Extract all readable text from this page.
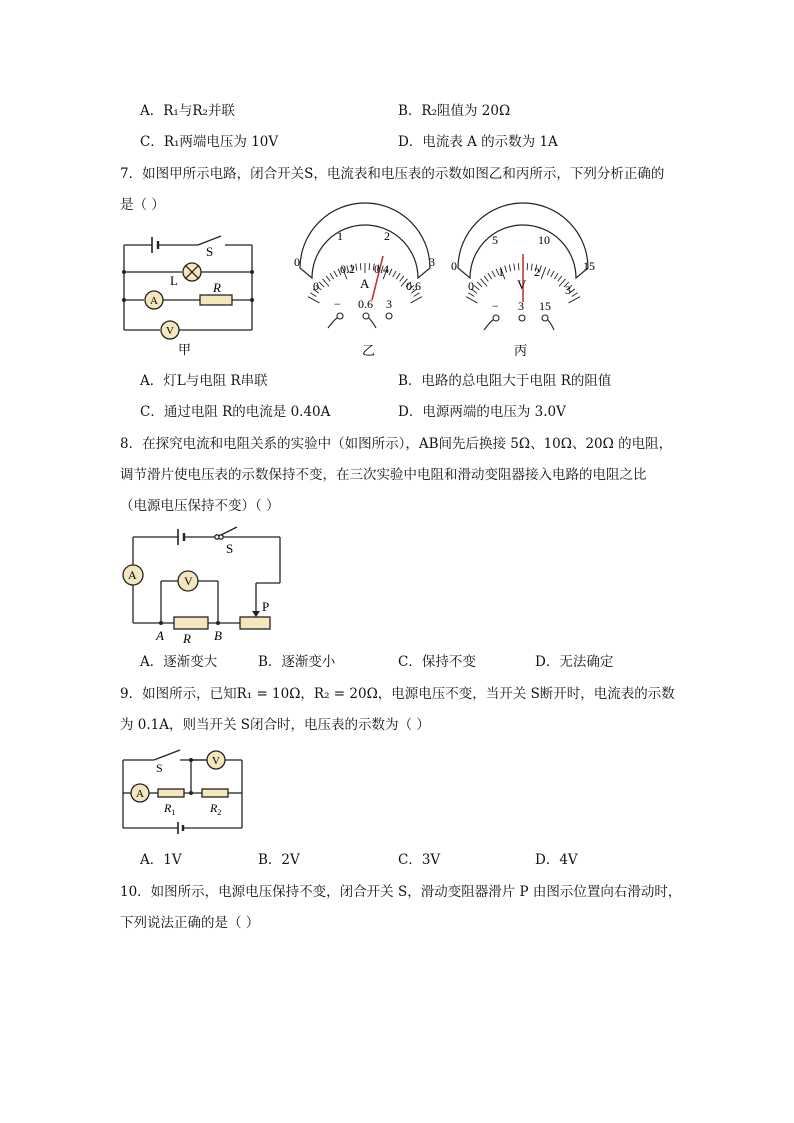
A．R₁与R₂并联	B．R₂阻值为 20Ω
C．R₁两端电压为 10V	D．电流表 A 的示数为 1A
7．如图甲所示电路，闭合开关S，电流表和电压表的示数如图乙和丙所示，下列分析正确的
是（ ）
S
L	R
A
V
甲
0
1	2
3
0
0.2 0.4
0.6
A
− 0.6 3
乙
0
5	10
15
0
1	2
3
V
− 3 15
丙
A．灯L与电阻 R串联	B．电路的总电阻大于电阻 R的阻值
C．通过电阻 R的电流是 0.40A	D．电源两端的电压为 3.0V
8．在探究电流和电阻关系的实验中（如图所示），AB间先后换接 5Ω、10Ω、20Ω 的电阻，
调节滑片使电压表的示数保持不变，在三次实验中电阻和滑动变阻器接入电路的电阻之比
（电源电压保持不变）（ ）
S
A	V
P
A R B
A．逐渐变大	B．逐渐变小	C．保持不变	D．无法确定
9．如图所示，已知R₁ = 10Ω，R₂ = 20Ω，电源电压不变，当开关 S断开时，电流表的示数
为 0.1A，则当开关 S闭合时，电压表的示数为（ ）
S
A
V
$R_1$	$R_2$
A．1V	B．2V	C．3V	D．4V
10．如图所示，电源电压保持不变，闭合开关 S，滑动变阻器滑片 P 由图示位置向右滑动时，
下列说法正确的是（ ）
